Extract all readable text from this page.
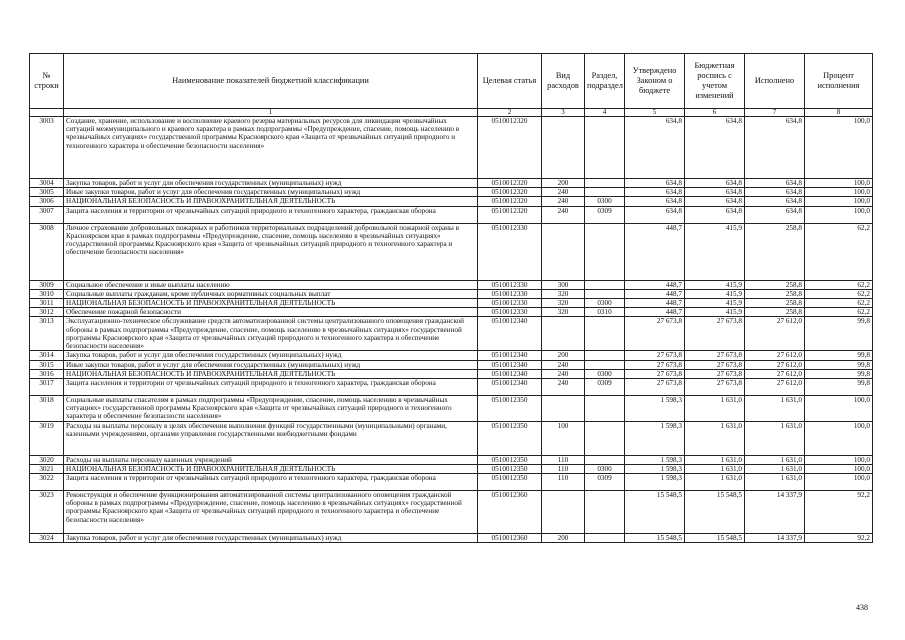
№ строки	Наименование показателей бюджетной классификации	Целевая статья	Вид расходов	Раздел, подраздел	Утверждено Законом о бюджете	Бюджетная роспись с учетом изменений	Исполнено	Процент исполнения
	1	2	3	4	5	6	7	8
3003	Создание, хранение, использование и восполнение краевого резерва материальных ресурсов для ликвидации чрезвычайных ситуаций межмуниципального и краевого характера в рамках подпрограммы «Предупреждение, спасение, помощь населению в чрезвычайных ситуациях» государственной программы Красноярского края «Защита от чрезвычайных ситуаций природного и техногенного характера и обеспечение безопасности населения»	0510012320			634,8	634,8	634,8	100,0
3004	Закупка товаров, работ и услуг для обеспечения государственных (муниципальных) нужд	0510012320	200		634,8	634,8	634,8	100,0
3005	Иные закупки товаров, работ и услуг для обеспечения государственных (муниципальных) нужд	0510012320	240		634,8	634,8	634,8	100,0
3006	НАЦИОНАЛЬНАЯ БЕЗОПАСНОСТЬ И ПРАВООХРАНИТЕЛЬНАЯ ДЕЯТЕЛЬНОСТЬ	0510012320	240	0300	634,8	634,8	634,8	100,0
3007	Защита населения и территории от чрезвычайных ситуаций природного и техногенного характера, гражданская оборона	0510012320	240	0309	634,8	634,8	634,8	100,0
3008	Личное страхование добровольных пожарных и работников территориальных подразделений добровольной пожарной охраны в Красноярском крае в рамках подпрограммы «Предупреждение, спасение, помощь населению в чрезвычайных ситуациях» государственной программы Красноярского края «Защита от чрезвычайных ситуаций природного и техногенного характера и обеспечение безопасности населения»	0510012330			448,7	415,9	258,8	62,2
3009	Социальное обеспечение и иные выплаты населению	0510012330	300		448,7	415,9	258,8	62,2
3010	Социальные выплаты гражданам, кроме публичных нормативных социальных выплат	0510012330	320		448,7	415,9	258,8	62,2
3011	НАЦИОНАЛЬНАЯ БЕЗОПАСНОСТЬ И ПРАВООХРАНИТЕЛЬНАЯ ДЕЯТЕЛЬНОСТЬ	0510012330	320	0300	448,7	415,9	258,8	62,2
3012	Обеспечение пожарной безопасности	0510012330	320	0310	448,7	415,9	258,8	62,2
3013	Эксплуатационно-техническое обслуживание средств автоматизированной системы централизованного оповещения гражданской обороны в рамках подпрограммы «Предупреждение, спасение, помощь населению в чрезвычайных ситуациях» государственной программы Красноярского края «Защита от чрезвычайных ситуаций природного и техногенного характера и обеспечение безопасности населения»	0510012340			27 673,8	27 673,8	27 612,0	99,8
3014	Закупка товаров, работ и услуг для обеспечения государственных (муниципальных) нужд	0510012340	200		27 673,8	27 673,8	27 612,0	99,8
3015	Иные закупки товаров, работ и услуг для обеспечения государственных (муниципальных) нужд	0510012340	240		27 673,8	27 673,8	27 612,0	99,8
3016	НАЦИОНАЛЬНАЯ БЕЗОПАСНОСТЬ И ПРАВООХРАНИТЕЛЬНАЯ ДЕЯТЕЛЬНОСТЬ	0510012340	240	0300	27 673,8	27 673,8	27 612,0	99,8
3017	Защита населения и территории от чрезвычайных ситуаций природного и техногенного характера, гражданская оборона	0510012340	240	0309	27 673,8	27 673,8	27 612,0	99,8
3018	Социальные выплаты спасателям в рамках подпрограммы «Предупреждение, спасение, помощь населению в чрезвычайных ситуациях» государственной программы Красноярского края «Защита от чрезвычайных ситуаций природного и техногенного характера и обеспечение безопасности населения»	0510012350			1 598,3	1 631,0	1 631,0	100,0
3019	Расходы на выплаты персоналу в целях обеспечения выполнения функций государственными (муниципальными) органами, казенными учреждениями, органами управления государственными внебюджетными фондами	0510012350	100		1 598,3	1 631,0	1 631,0	100,0
3020	Расходы на выплаты персоналу казенных учреждений	0510012350	110		1 598,3	1 631,0	1 631,0	100,0
3021	НАЦИОНАЛЬНАЯ БЕЗОПАСНОСТЬ И ПРАВООХРАНИТЕЛЬНАЯ ДЕЯТЕЛЬНОСТЬ	0510012350	110	0300	1 598,3	1 631,0	1 631,0	100,0
3022	Защита населения и территории от чрезвычайных ситуаций природного и техногенного характера, гражданская оборона	0510012350	110	0309	1 598,3	1 631,0	1 631,0	100,0
3023	Реконструкция и обеспечение функционирования автоматизированной системы централизованного оповещения гражданской обороны в рамках подпрограммы «Предупреждение, спасение, помощь населению в чрезвычайных ситуациях» государственной программы Красноярского края «Защита от чрезвычайных ситуаций природного и техногенного характера и обеспечение безопасности населения»	0510012360			15 548,5	15 548,5	14 337,9	92,2
3024	Закупка товаров, работ и услуг для обеспечения государственных (муниципальных) нужд	0510012360	200		15 548,5	15 548,5	14 337,9	92,2
438
